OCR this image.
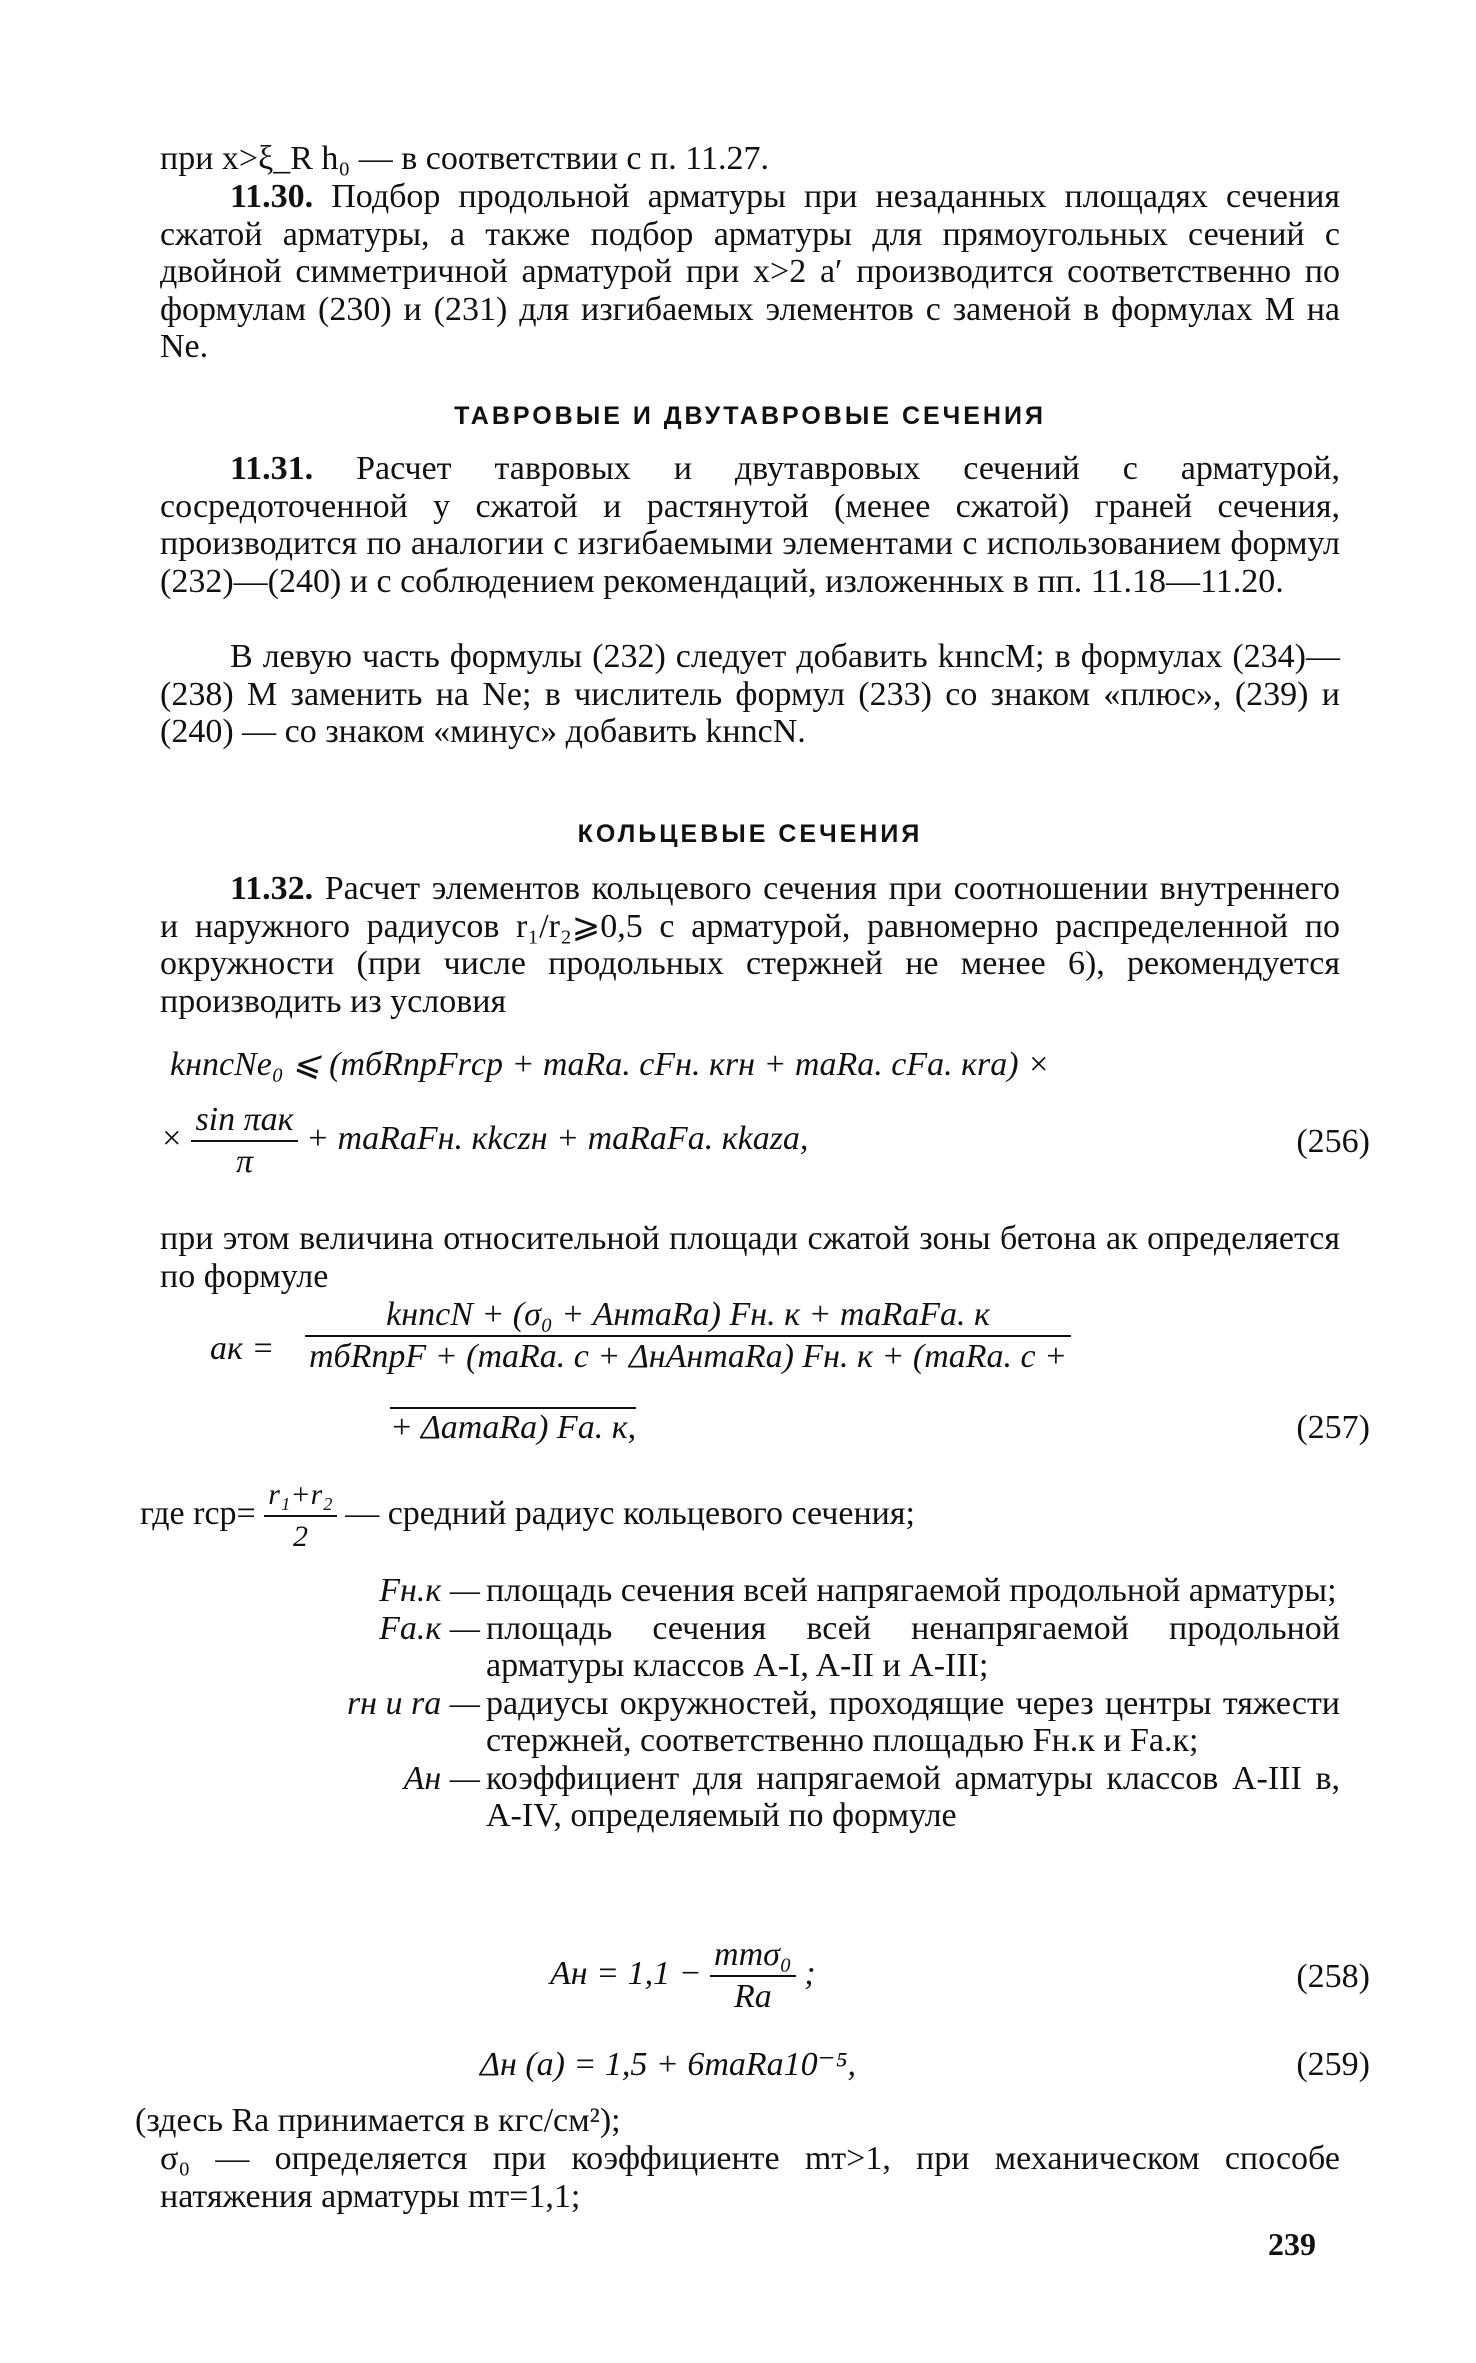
при x>ξ_R h₀ — в соответствии с п. 11.27.

11.30. Подбор продольной арматуры при незаданных площадях сечения сжатой арматуры, а также подбор арматуры для прямоугольных сечений с двойной симметричной арматурой при x>2 a′ производится соответственно по формулам (230) и (231) для изгибаемых элементов с заменой в формулах M на Ne.

ТАВРОВЫЕ И ДВУТАВРОВЫЕ СЕЧЕНИЯ

11.31. Расчет тавровых и двутавровых сечений с арматурой, сосредоточенной у сжатой и растянутой (менее сжатой) граней сечения, производится по аналогии с изгибаемыми элементами с использованием формул (232)—(240) и с соблюдением рекомендаций, изложенных в пп. 11.18—11.20.

В левую часть формулы (232) следует добавить kнncM; в формулах (234)—(238) M заменить на Ne; в числитель формул (233) со знаком «плюс», (239) и (240) — со знаком «минус» добавить kнncN.

КОЛЬЦЕВЫЕ СЕЧЕНИЯ

11.32. Расчет элементов кольцевого сечения при соотношении внутреннего и наружного радиусов r₁/r₂⩾0,5 с арматурой, равномерно распределенной по окружности (при числе продольных стержней не менее 6), рекомендуется производить из условия

kнncNe₀ ⩽ (mбRпрFrср + maRa. cFн. кrн + maRa. cFa. кra) ×
× $\frac{\text{sin πaк}}{\pi}$ + maRaFн. кkczн + maRaFa. кkaza,	(256)

при этом величина относительной площади сжатой зоны бетона aк определяется по формуле

aк =
kнncN + (σ₀ + AнmaRa) Fн. к + maRaFa. к
mбRпрF + (maRa. c + ΔнAнmaRa) Fн. к + (maRa. c +
+ ΔamaRa) Fa. к,	(257)
где $rср= \frac{\text{r₁+r₂}}{2}$ — средний радиус кольцевого сечения;
Fн.к — площадь сечения всей напрягаемой продольной арматуры;
Fa.к — площадь сечения всей ненапрягаемой продольной арматуры классов A-I, A-II и A-III;
rн и ra — радиусы окружностей, проходящие через центры тяжести стержней, соответственно площадью Fн.к и Fa.к;
Aн — коэффициент для напрягаемой арматуры классов A-III в, A-IV, определяемый по формуле
Aн = $1,1 - \frac{\text{mтσ₀}}{Ra}$ ;	(258)
Δн (a) = 1,5 + 6maRa10⁻⁵,	(259)

(здесь Ra принимается в кгс/см²);

σ₀ — определяется при коэффициенте mт>1, при механическом способе натяжения арматуры mт=1,1;

239
